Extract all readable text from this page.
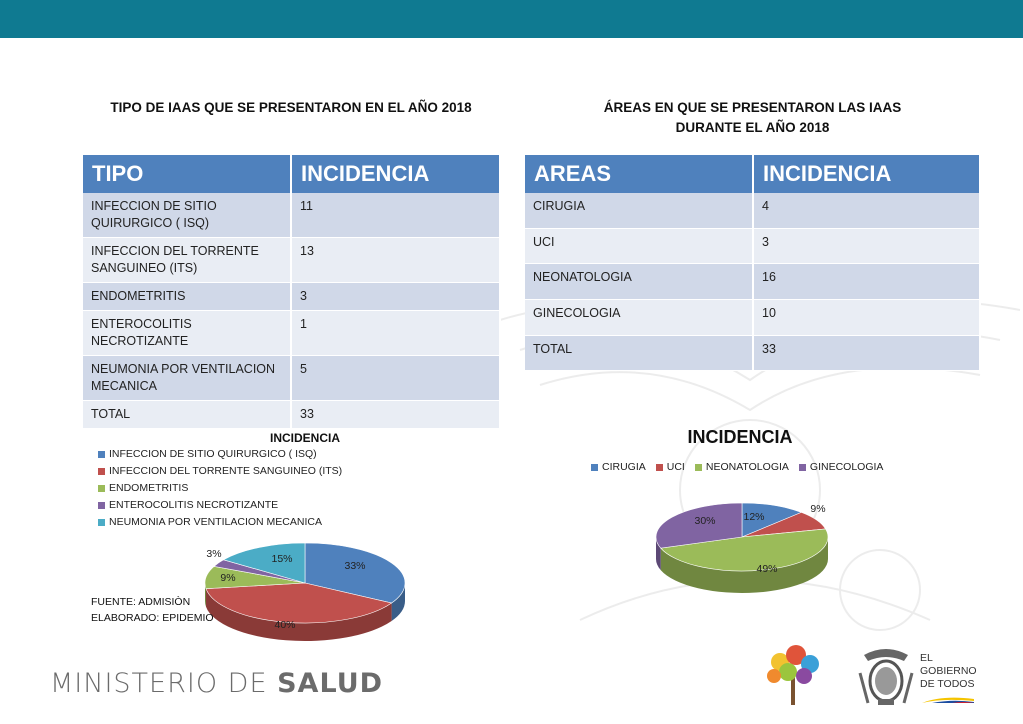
TIPO DE IAAS QUE SE PRESENTARON EN EL AÑO 2018	ÁREAS EN QUE SE PRESENTARON LAS IAAS
DURANTE EL AÑO 2018
TIPO	INCIDENCIA
INFECCION DE SITIO QUIRURGICO ( ISQ)	11
INFECCION DEL TORRENTE SANGUINEO (ITS)	13
ENDOMETRITIS	3
ENTEROCOLITIS NECROTIZANTE	1
NEUMONIA POR VENTILACION MECANICA	5
TOTAL	33
AREAS	INCIDENCIA
CIRUGIA	4
UCI	3
NEONATOLOGIA	16
GINECOLOGIA	10
TOTAL	33
INCIDENCIA
INFECCION DE SITIO QUIRURGICO ( ISQ)
INFECCION DEL TORRENTE SANGUINEO (ITS)
ENDOMETRITIS
ENTEROCOLITIS NECROTIZANTE
NEUMONIA POR VENTILACION MECANICA
33%
40%
9%
3%	15%
FUENTE: ADMISIÒN
ELABORADO: EPIDEMIO
INCIDENCIA
CIRUGIA UCI NEONATOLOGIA GINECOLOGIA
12%
9%
49%
30%
MINISTERIO DE SALUD
EL
GOBIERNO
DE TODOS
